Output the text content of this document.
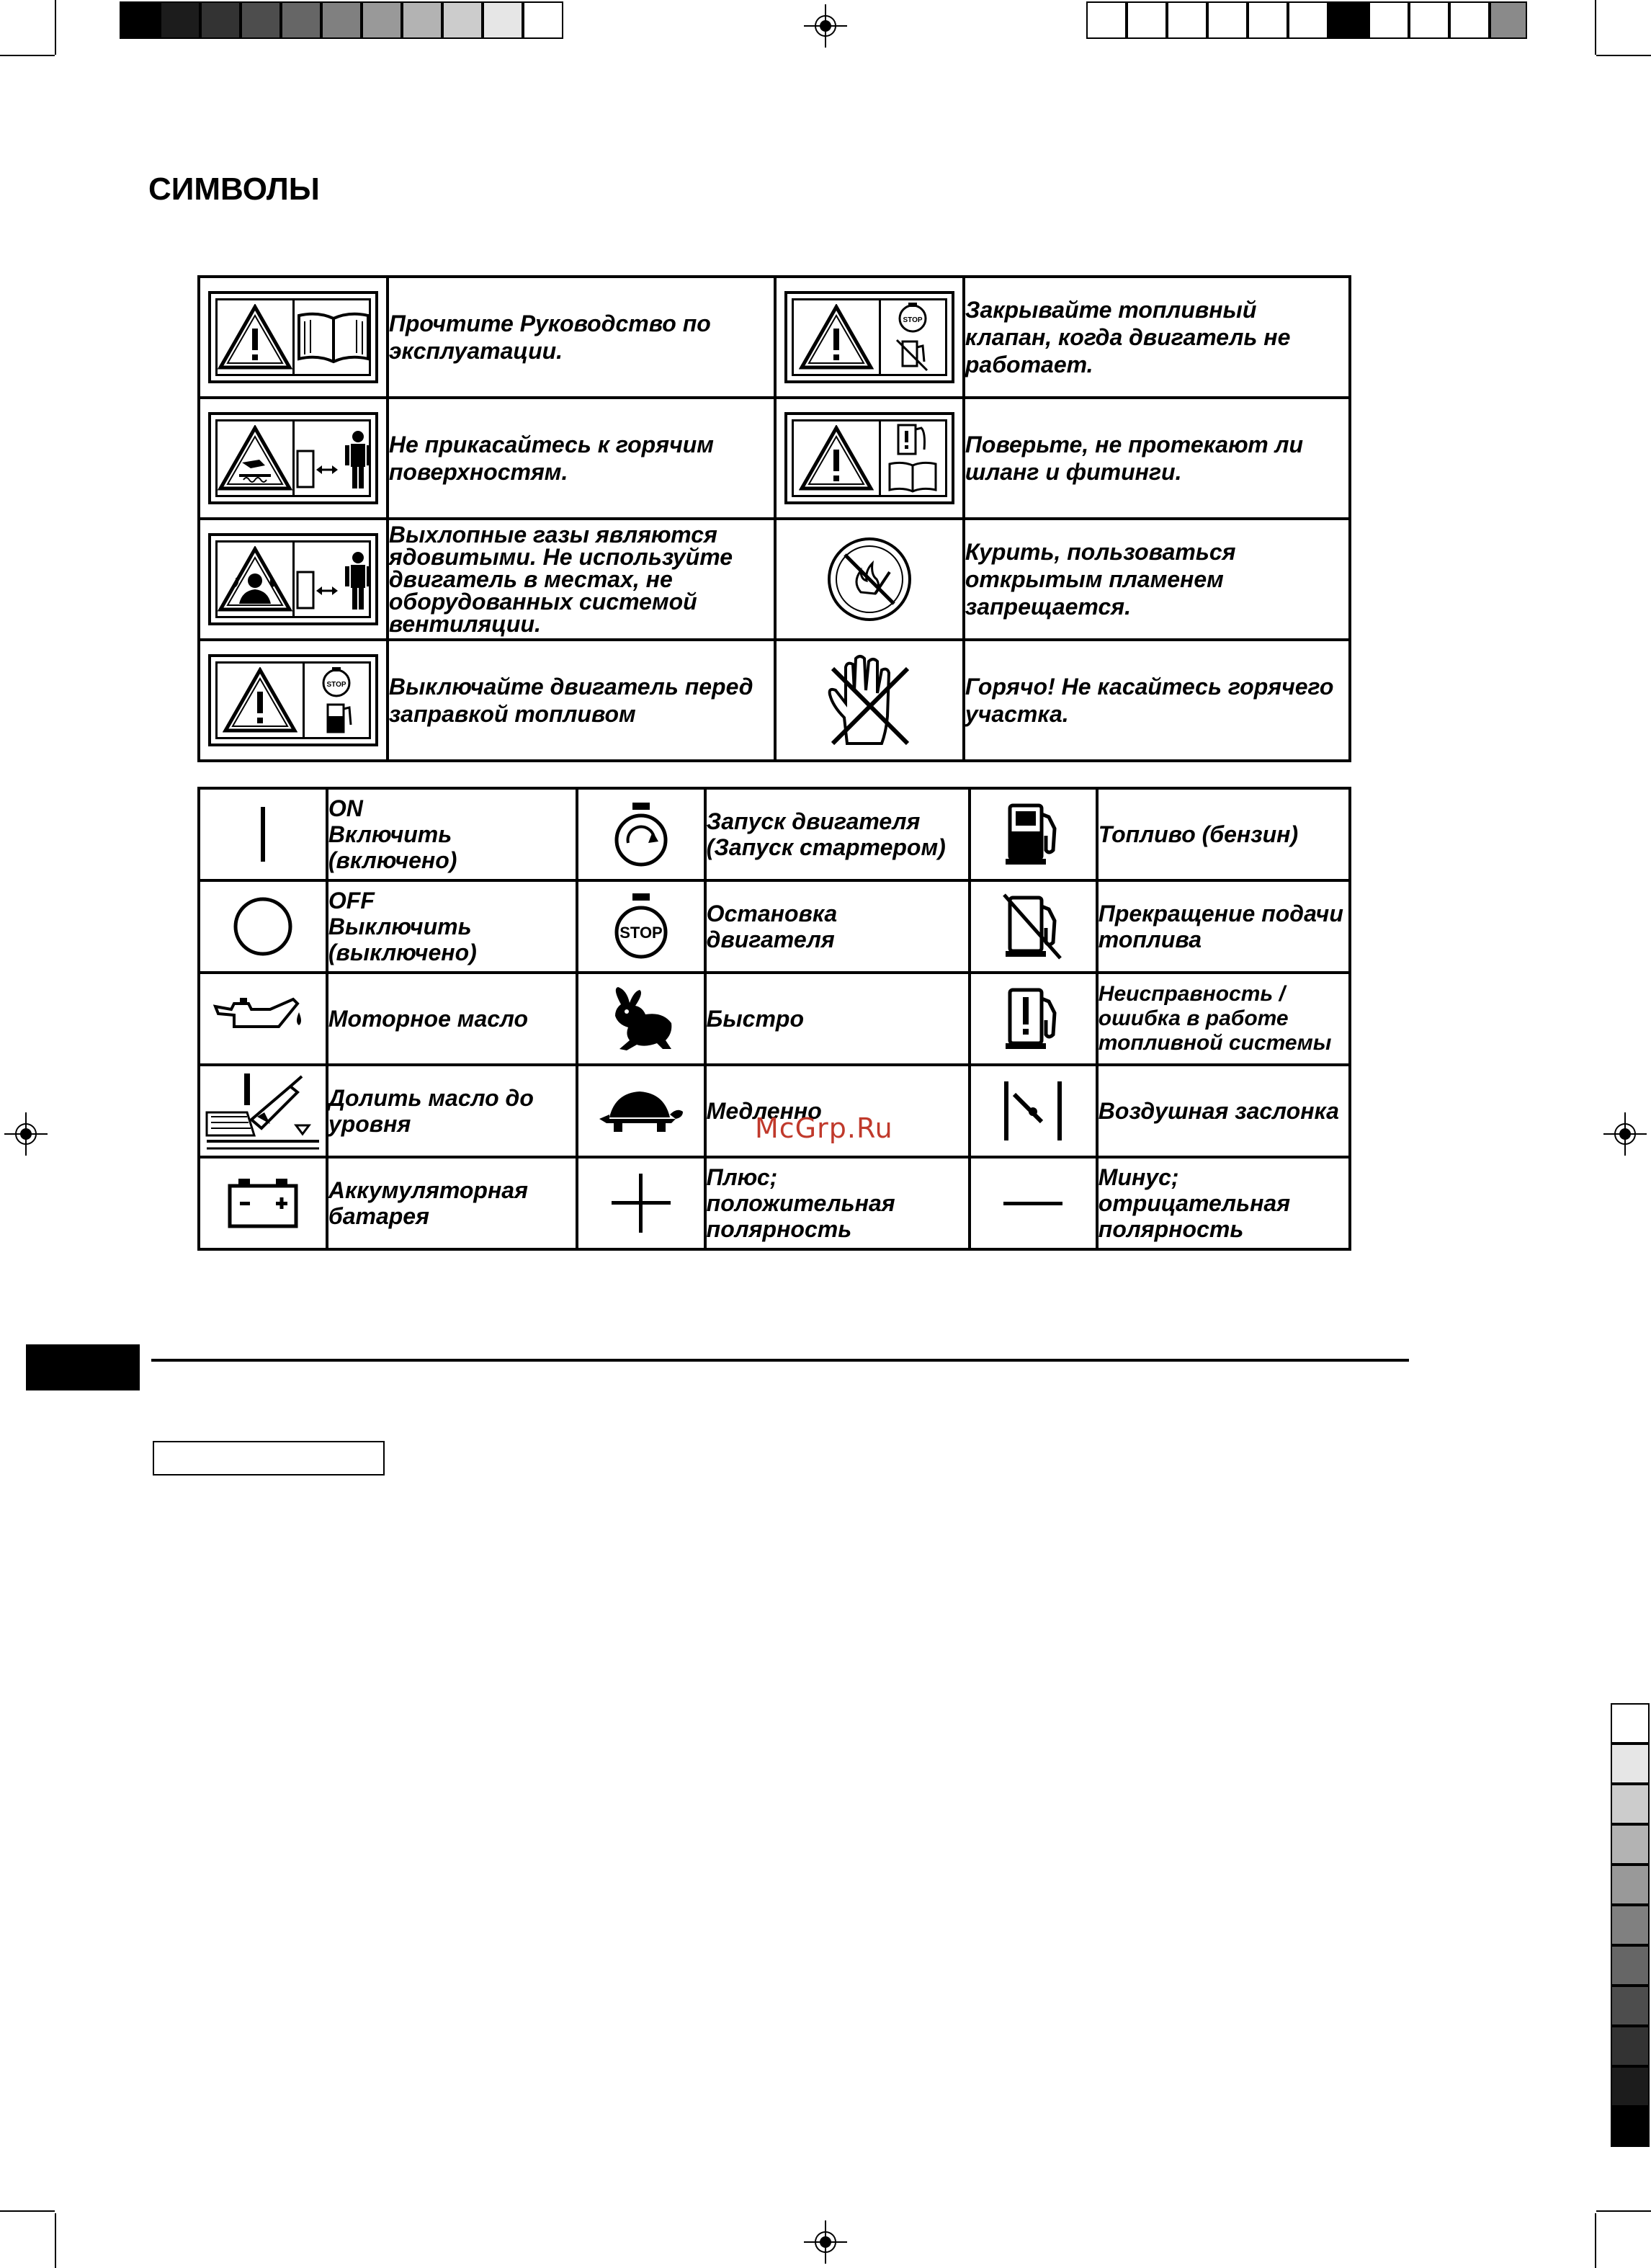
СИМВОЛЫ
	Прочтите Руководство по эксплуатации.	STOP	Закрывайте топливный клапан, когда двигатель не работает.

	Не прикасайтесь к горячим поверхностям.		Поверьте, не протекают ли шланг и фитинги.

	Выхлопные газы являются ядовитыми. Не используйте двигатель в местах, не оборудованных системой вентиляции.		Курить, пользоваться открытым пламенем запрещается.

STOP	Выключайте двигатель перед заправкой топливом		Горячо! Не касайтесь горячего участка.
	ON
Включить
(включено)		Запуск двигателя (Запуск стартером)		Топливо (бензин)

	OFF
Выключить
(выключено)	STOP	Остановка двигателя		Прекращение подачи топлива

	Моторное масло		Быстро		Неисправность / ошибка в работе топливной системы

	Долить масло до уровня		Медленно		Воздушная заслонка

	Аккумуляторная батарея		Плюс; положительная полярность		Минус; отрицательная полярность
McGrp.Ru
